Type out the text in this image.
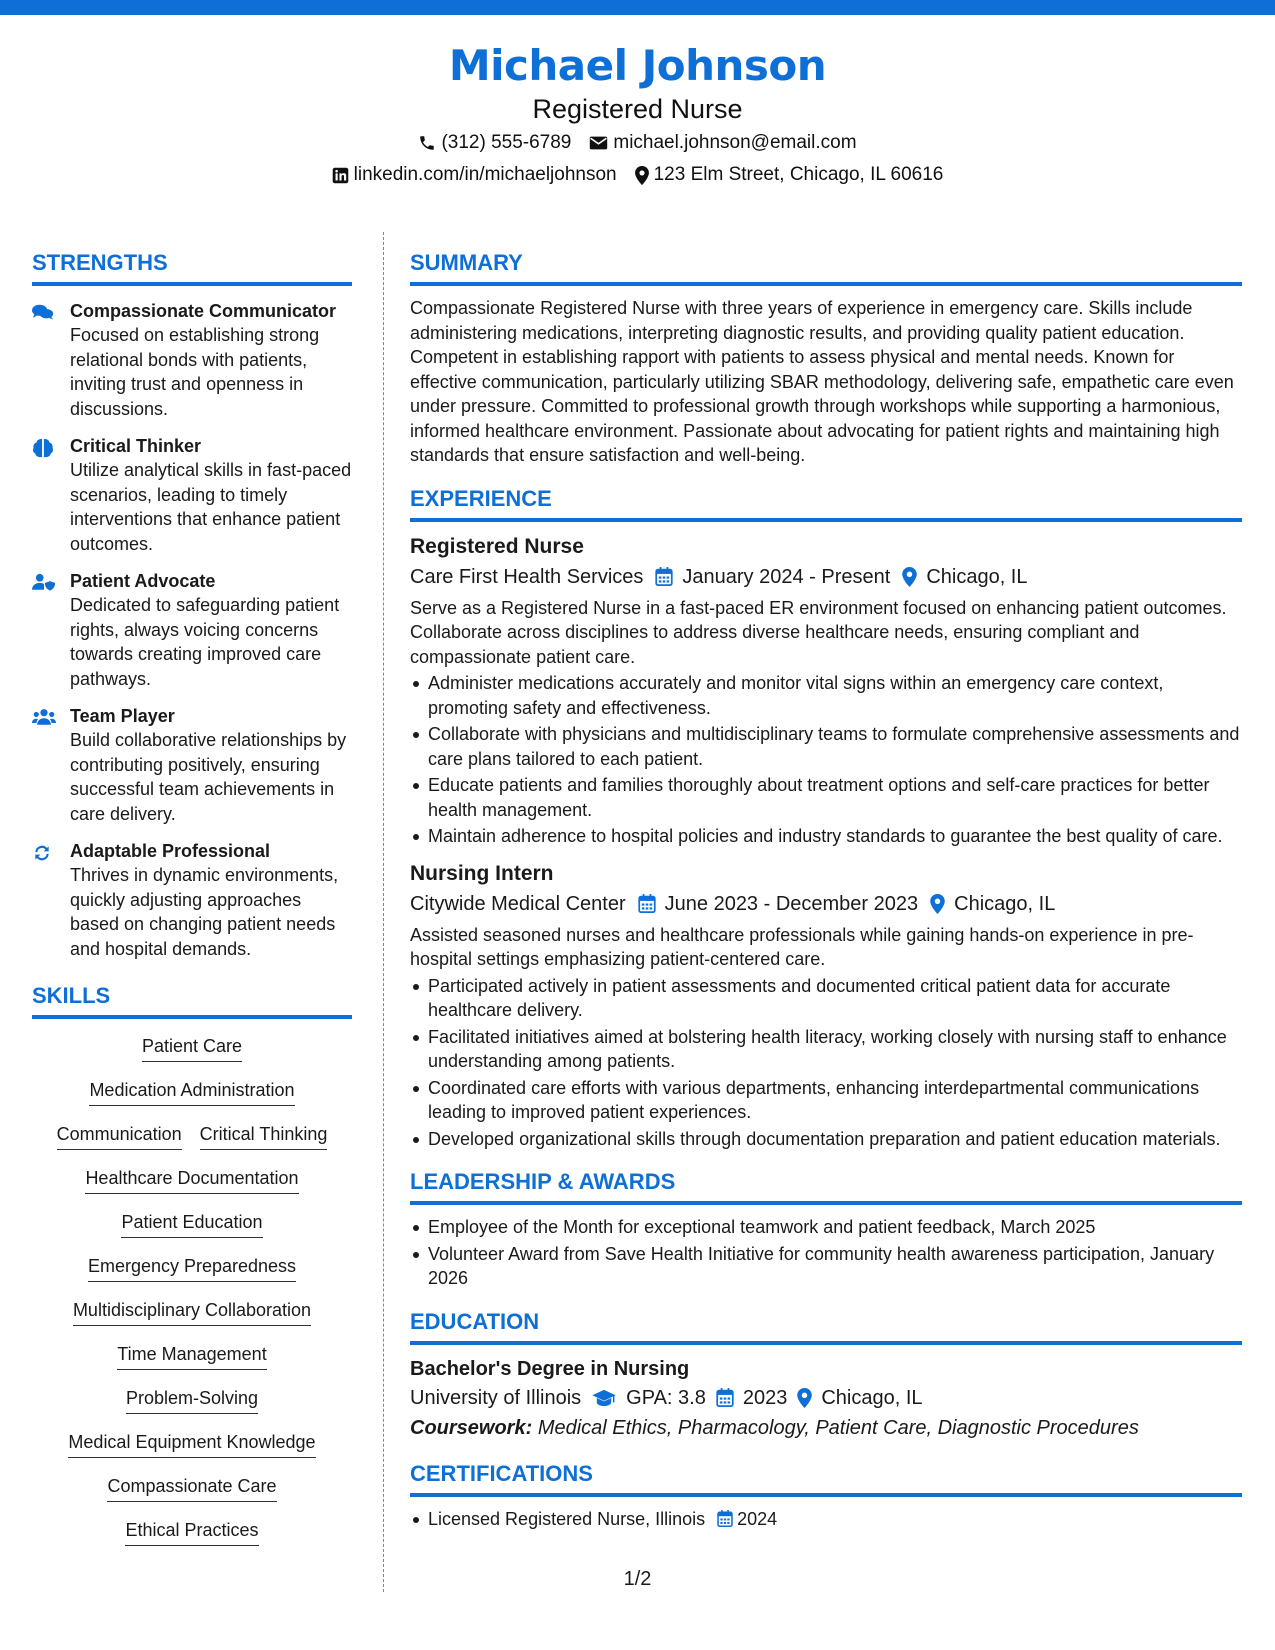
Michael Johnson
Registered Nurse
(312) 555-6789 michael.johnson@email.com
linkedin.com/in/michaeljohnson 123 Elm Street, Chicago, IL 60616
STRENGTHS
Compassionate Communicator
Focused on establishing strong relational bonds with patients, inviting trust and openness in discussions.
Critical Thinker
Utilize analytical skills in fast-paced scenarios, leading to timely interventions that enhance patient outcomes.
Patient Advocate
Dedicated to safeguarding patient rights, always voicing concerns towards creating improved care pathways.
Team Player
Build collaborative relationships by contributing positively, ensuring successful team achievements in care delivery.
Adaptable Professional
Thrives in dynamic environments, quickly adjusting approaches based on changing patient needs and hospital demands.
SKILLS
Patient Care
Medication Administration
Communication Critical Thinking
Healthcare Documentation
Patient Education
Emergency Preparedness
Multidisciplinary Collaboration
Time Management
Problem-Solving
Medical Equipment Knowledge
Compassionate Care
Ethical Practices
SUMMARY
Compassionate Registered Nurse with three years of experience in emergency care. Skills include administering medications, interpreting diagnostic results, and providing quality patient education. Competent in establishing rapport with patients to assess physical and mental needs. Known for effective communication, particularly utilizing SBAR methodology, delivering safe, empathetic care even under pressure. Committed to professional growth through workshops while supporting a harmonious, informed healthcare environment. Passionate about advocating for patient rights and maintaining high standards that ensure satisfaction and well-being.
EXPERIENCE
Registered Nurse
Care First Health Services January 2024 - Present Chicago, IL
Serve as a Registered Nurse in a fast-paced ER environment focused on enhancing patient outcomes. Collaborate across disciplines to address diverse healthcare needs, ensuring compliant and compassionate patient care.
Administer medications accurately and monitor vital signs within an emergency care context, promoting safety and effectiveness.
Collaborate with physicians and multidisciplinary teams to formulate comprehensive assessments and care plans tailored to each patient.
Educate patients and families thoroughly about treatment options and self-care practices for better health management.
Maintain adherence to hospital policies and industry standards to guarantee the best quality of care.
Nursing Intern
Citywide Medical Center June 2023 - December 2023 Chicago, IL
Assisted seasoned nurses and healthcare professionals while gaining hands-on experience in pre-hospital settings emphasizing patient-centered care.
Participated actively in patient assessments and documented critical patient data for accurate healthcare delivery.
Facilitated initiatives aimed at bolstering health literacy, working closely with nursing staff to enhance understanding among patients.
Coordinated care efforts with various departments, enhancing interdepartmental communications leading to improved patient experiences.
Developed organizational skills through documentation preparation and patient education materials.
LEADERSHIP & AWARDS
Employee of the Month for exceptional teamwork and patient feedback, March 2025
Volunteer Award from Save Health Initiative for community health awareness participation, January 2026
EDUCATION
Bachelor's Degree in Nursing
University of Illinois GPA: 3.8 2023 Chicago, IL
Coursework: Medical Ethics, Pharmacology, Patient Care, Diagnostic Procedures
CERTIFICATIONS
Licensed Registered Nurse, Illinois 2024
1/2
